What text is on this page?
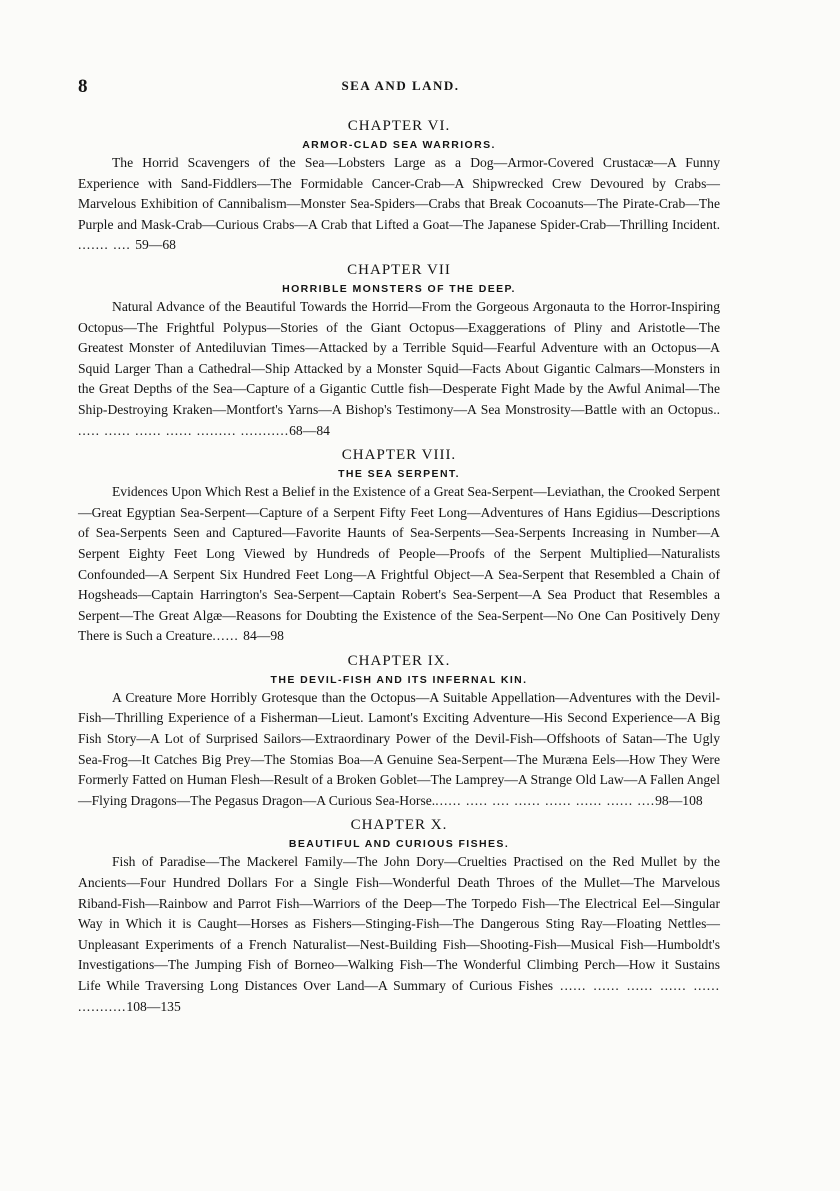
8	SEA AND LAND.
CHAPTER VI.
ARMOR-CLAD SEA WARRIORS.

The Horrid Scavengers of the Sea—Lobsters Large as a Dog—Armor-Covered Crustacæ—A Funny Experience with Sand-Fiddlers—The Formidable Cancer-Crab—A Shipwrecked Crew Devoured by Crabs—Marvelous Exhibition of Cannibalism—Monster Sea-Spiders—Crabs that Break Cocoanuts—The Pirate-Crab—The Purple and Mask-Crab—Curious Crabs—A Crab that Lifted a Goat—The Japanese Spider-Crab—Thrilling Incident. ....... .... 59—68

CHAPTER VII
HORRIBLE MONSTERS OF THE DEEP.

Natural Advance of the Beautiful Towards the Horrid—From the Gorgeous Argonauta to the Horror-Inspiring Octopus—The Frightful Polypus—Stories of the Giant Octopus—Exaggerations of Pliny and Aristotle—The Greatest Monster of Antediluvian Times—Attacked by a Terrible Squid—Fearful Adventure with an Octopus—A Squid Larger Than a Cathedral—Ship Attacked by a Monster Squid—Facts About Gigantic Calmars—Monsters in the Great Depths of the Sea—Capture of a Gigantic Cuttle fish—Desperate Fight Made by the Awful Animal—The Ship-Destroying Kraken—Montfort's Yarns—A Bishop's Testimony—A Sea Monstrosity—Battle with an Octopus.. ..... ...... ...... ...... ......... ...........68—84

CHAPTER VIII.
THE SEA SERPENT.

Evidences Upon Which Rest a Belief in the Existence of a Great Sea-Serpent—Leviathan, the Crooked Serpent—Great Egyptian Sea-Serpent—Capture of a Serpent Fifty Feet Long—Adventures of Hans Egidius—Descriptions of Sea-Serpents Seen and Captured—Favorite Haunts of Sea-Serpents—Sea-Serpents Increasing in Number—A Serpent Eighty Feet Long Viewed by Hundreds of People—Proofs of the Serpent Multiplied—Naturalists Confounded—A Serpent Six Hundred Feet Long—A Frightful Object—A Sea-Serpent that Resembled a Chain of Hogsheads—Captain Harrington's Sea-Serpent—Captain Robert's Sea-Serpent—A Sea Product that Resembles a Serpent—The Great Algæ—Reasons for Doubting the Existence of the Sea-Serpent—No One Can Positively Deny There is Such a Creature...... 84—98

CHAPTER IX.
THE DEVIL-FISH AND ITS INFERNAL KIN.

A Creature More Horribly Grotesque than the Octopus—A Suitable Appellation—Adventures with the Devil-Fish—Thrilling Experience of a Fisherman—Lieut. Lamont's Exciting Adventure—His Second Experience—A Big Fish Story—A Lot of Surprised Sailors—Extraordinary Power of the Devil-Fish—Offshoots of Satan—The Ugly Sea-Frog—It Catches Big Prey—The Stomias Boa—A Genuine Sea-Serpent—The Muræna Eels—How They Were Formerly Fatted on Human Flesh—Result of a Broken Goblet—The Lamprey—A Strange Old Law—A Fallen Angel—Flying Dragons—The Pegasus Dragon—A Curious Sea-Horse....... ..... .... ...... ...... ...... ...... ....98—108

CHAPTER X.
BEAUTIFUL AND CURIOUS FISHES.

Fish of Paradise—The Mackerel Family—The John Dory—Cruelties Practised on the Red Mullet by the Ancients—Four Hundred Dollars For a Single Fish—Wonderful Death Throes of the Mullet—The Marvelous Riband-Fish—Rainbow and Parrot Fish—Warriors of the Deep—The Torpedo Fish—The Electrical Eel—Singular Way in Which it is Caught—Horses as Fishers—Stinging-Fish—The Dangerous Sting Ray—Floating Nettles—Unpleasant Experiments of a French Naturalist—Nest-Building Fish—Shooting-Fish—Musical Fish—Humboldt's Investigations—The Jumping Fish of Borneo—Walking Fish—The Wonderful Climbing Perch—How it Sustains Life While Traversing Long Distances Over Land—A Summary of Curious Fishes ...... ...... ...... ...... ...... ...........108—135
